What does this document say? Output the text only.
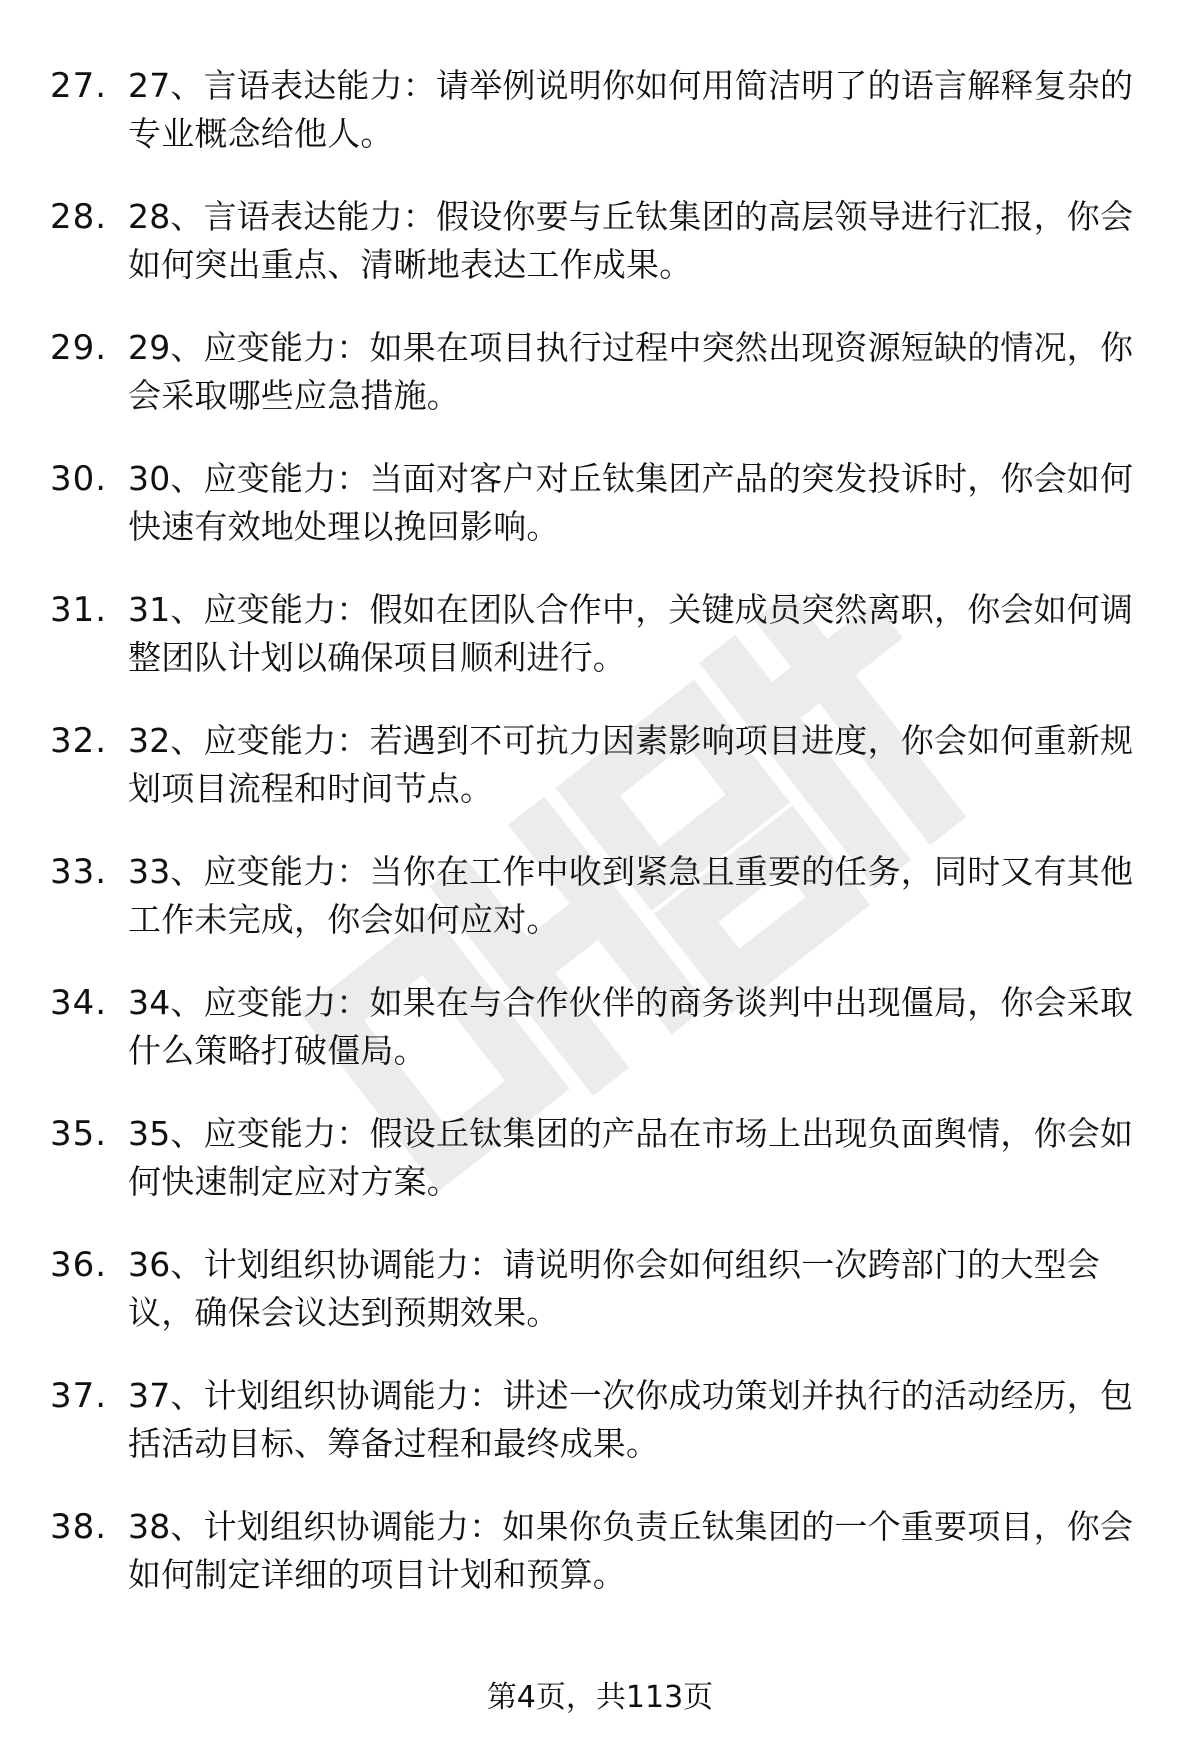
27. 27、言语表达能力：请举例说明你如何用简洁明了的语言解释复杂的专业概念给他人。
28. 28、言语表达能力：假设你要与丘钛集团的高层领导进行汇报，你会如何突出重点、清晰地表达工作成果。
29. 29、应变能力：如果在项目执行过程中突然出现资源短缺的情况，你会采取哪些应急措施。
30. 30、应变能力：当面对客户对丘钛集团产品的突发投诉时，你会如何快速有效地处理以挽回影响。
31. 31、应变能力：假如在团队合作中，关键成员突然离职，你会如何调整团队计划以确保项目顺利进行。
32. 32、应变能力：若遇到不可抗力因素影响项目进度，你会如何重新规划项目流程和时间节点。
33. 33、应变能力：当你在工作中收到紧急且重要的任务，同时又有其他工作未完成，你会如何应对。
34. 34、应变能力：如果在与合作伙伴的商务谈判中出现僵局，你会采取什么策略打破僵局。
35. 35、应变能力：假设丘钛集团的产品在市场上出现负面舆情，你会如何快速制定应对方案。
36. 36、计划组织协调能力：请说明你会如何组织一次跨部门的大型会议，确保会议达到预期效果。
37. 37、计划组织协调能力：讲述一次你成功策划并执行的活动经历，包括活动目标、筹备过程和最终成果。
38. 38、计划组织协调能力：如果你负责丘钛集团的一个重要项目，你会如何制定详细的项目计划和预算。
第4页，共113页
